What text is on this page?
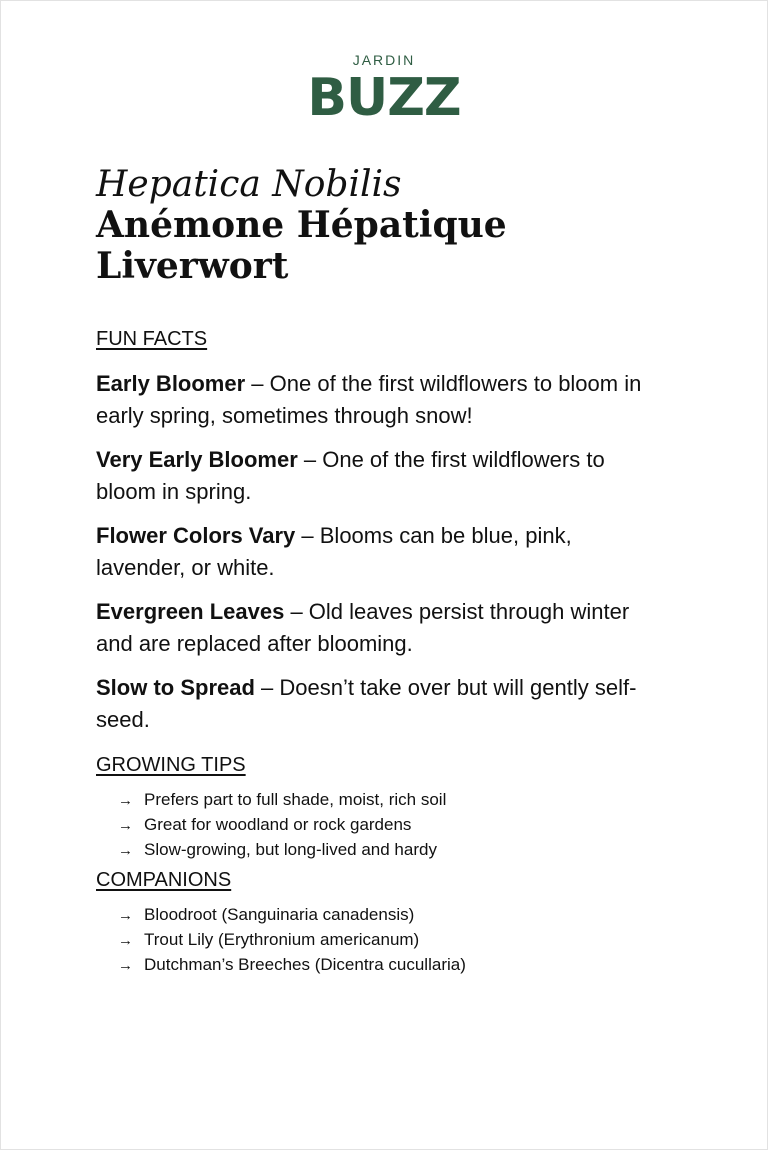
JARDIN
BUZZ
Hepatica Nobilis
Anémone Hépatique
Liverwort
FUN FACTS

Early Bloomer – One of the first wildflowers to bloom in early spring, sometimes through snow!

Very Early Bloomer – One of the first wildflowers to bloom in spring.

Flower Colors Vary – Blooms can be blue, pink, lavender, or white.

Evergreen Leaves – Old leaves persist through winter and are replaced after blooming.

Slow to Spread – Doesn’t take over but will gently self-seed.

GROWING TIPS
→ Prefers part to full shade, moist, rich soil
→ Great for woodland or rock gardens
→ Slow-growing, but long-lived and hardy
COMPANIONS
→ Bloodroot (Sanguinaria canadensis)
→ Trout Lily (Erythronium americanum)
→ Dutchman’s Breeches (Dicentra cucullaria)
